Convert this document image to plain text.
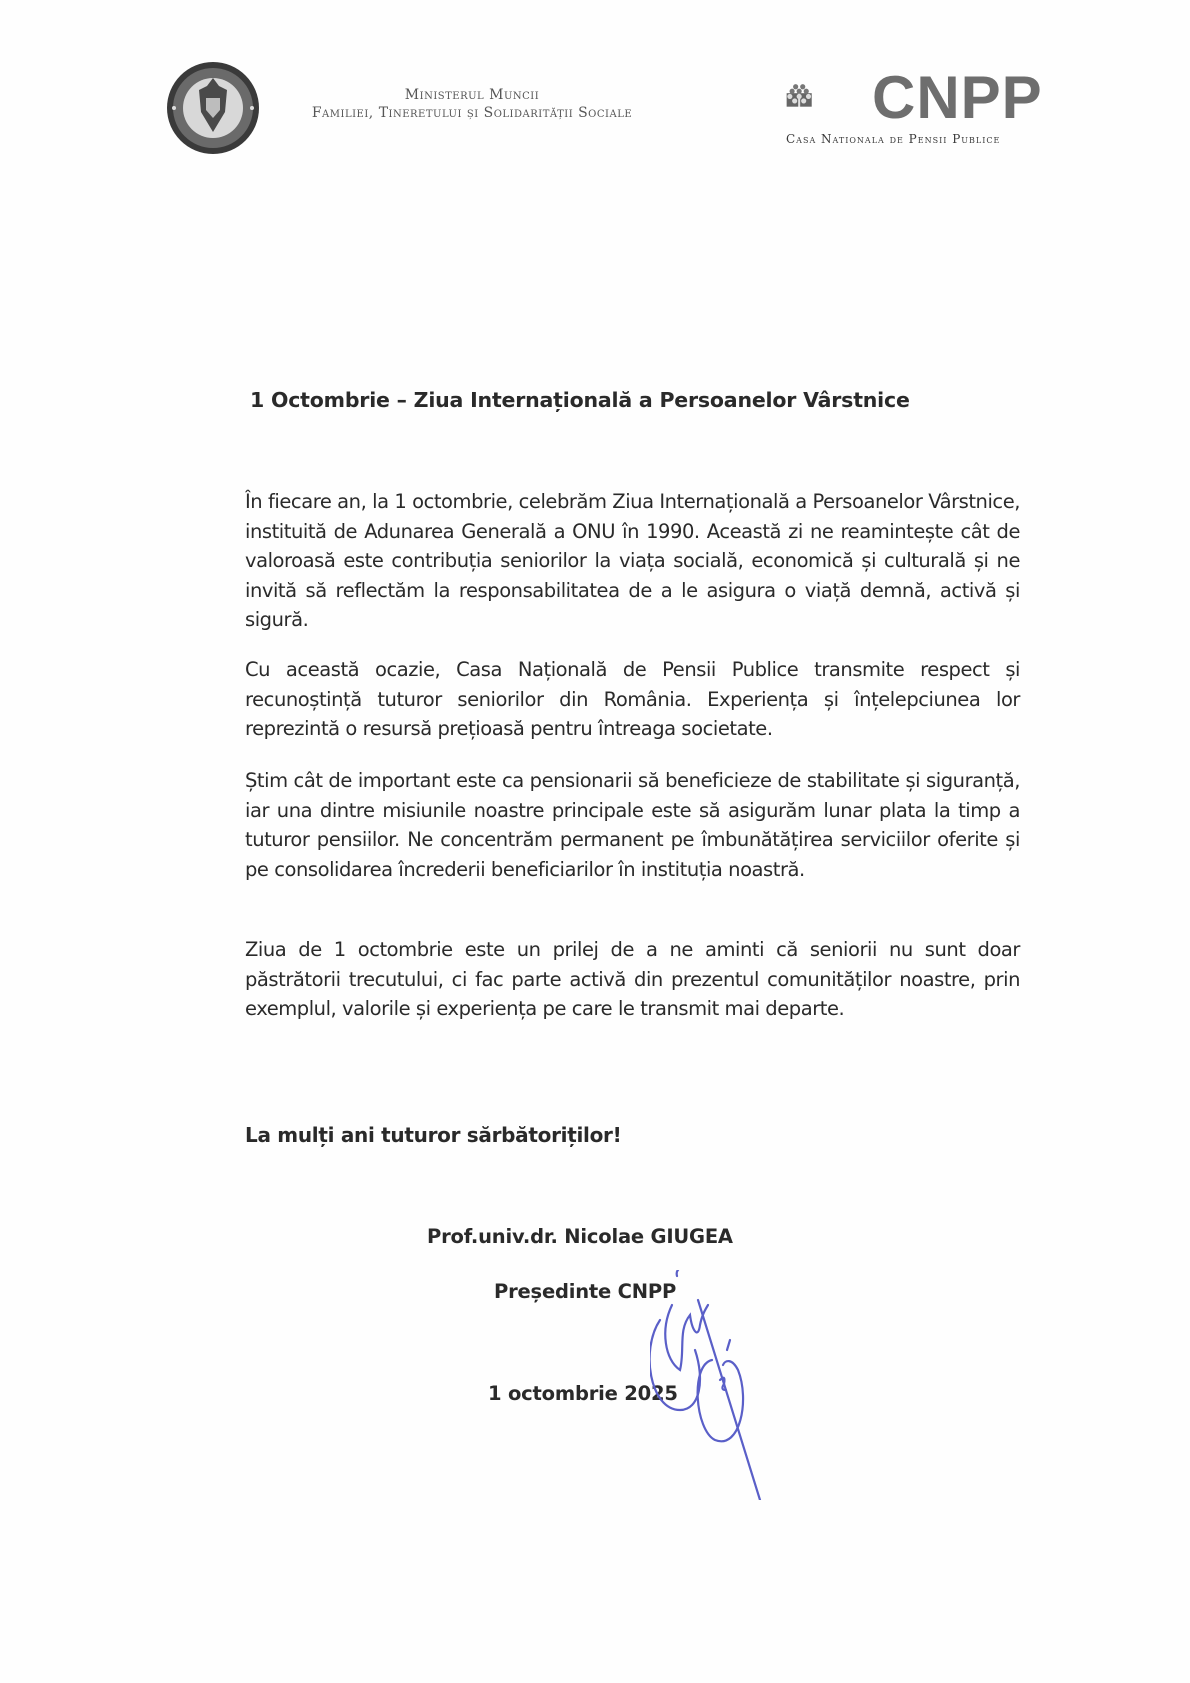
Ministerul Muncii
Familiei, Tineretului și Solidarității Sociale	CNPP
Casa Nationala de Pensii Publice
1 Octombrie – Ziua Internațională a Persoanelor Vârstnice
În fiecare an, la 1 octombrie, celebrăm Ziua Internațională a Persoanelor Vârstnice, instituită de Adunarea Generală a ONU în 1990. Această zi ne reamintește cât de valoroasă este contribuția seniorilor la viața socială, economică și culturală și ne invită să reflectăm la responsabilitatea de a le asigura o viață demnă, activă și sigură.
Cu această ocazie, Casa Națională de Pensii Publice transmite respect și recunoștință tuturor seniorilor din România. Experiența și înțelepciunea lor reprezintă o resursă prețioasă pentru întreaga societate.
Știm cât de important este ca pensionarii să beneficieze de stabilitate și siguranță, iar una dintre misiunile noastre principale este să asigurăm lunar plata la timp a tuturor pensiilor. Ne concentrăm permanent pe îmbunătățirea serviciilor oferite și pe consolidarea încrederii beneficiarilor în instituția noastră.
Ziua de 1 octombrie este un prilej de a ne aminti că seniorii nu sunt doar păstrătorii trecutului, ci fac parte activă din prezentul comunităților noastre, prin exemplul, valorile și experiența pe care le transmit mai departe.
La mulți ani tuturor sărbătoriților!
Prof.univ.dr. Nicolae GIUGEA
Președinte CNPP
1 octombrie 2025
